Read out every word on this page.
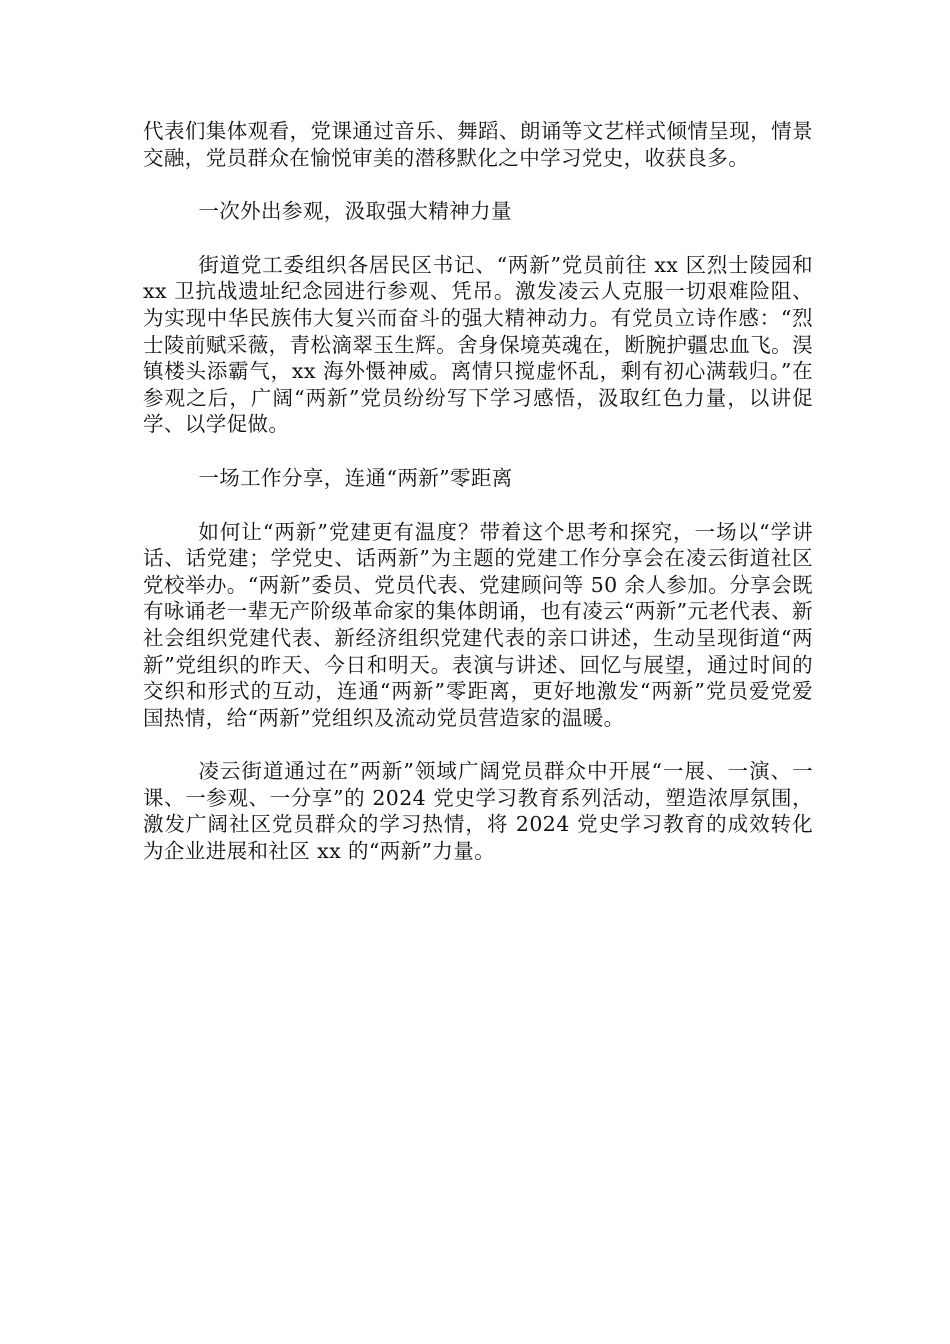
代表们集体观看，党课通过音乐、舞蹈、朗诵等文艺样式倾情呈现，情景交融，党员群众在愉悦审美的潜移默化之中学习党史，收获良多。

一次外出参观，汲取强大精神力量

街道党工委组织各居民区书记、“两新”党员前往 xx 区烈士陵园和 xx 卫抗战遗址纪念园进行参观、凭吊。激发凌云人克服一切艰难险阻、为实现中华民族伟大复兴而奋斗的强大精神动力。有党员立诗作感：“烈士陵前赋采薇，青松滴翠玉生辉。舍身保境英魂在，断腕护疆忠血飞。淏镇楼头添霸气，xx 海外慑神威。离情只搅虚怀乱，剩有初心满载归。”在参观之后，广阔“两新”党员纷纷写下学习感悟，汲取红色力量，以讲促学、以学促做。

一场工作分享，连通“两新”零距离

如何让“两新”党建更有温度？带着这个思考和探究，一场以“学讲话、话党建；学党史、话两新”为主题的党建工作分享会在凌云街道社区党校举办。“两新”委员、党员代表、党建顾问等 50 余人参加。分享会既有咏诵老一辈无产阶级革命家的集体朗诵，也有凌云“两新”元老代表、新社会组织党建代表、新经济组织党建代表的亲口讲述，生动呈现街道“两新”党组织的昨天、今日和明天。表演与讲述、回忆与展望，通过时间的交织和形式的互动，连通“两新”零距离，更好地激发“两新”党员爱党爱国热情，给“两新”党组织及流动党员营造家的温暖。

凌云街道通过在”两新”领域广阔党员群众中开展“一展、一演、一课、一参观、一分享”的 2024 党史学习教育系列活动，塑造浓厚氛围，激发广阔社区党员群众的学习热情，将 2024 党史学习教育的成效转化为企业进展和社区 xx 的“两新”力量。
